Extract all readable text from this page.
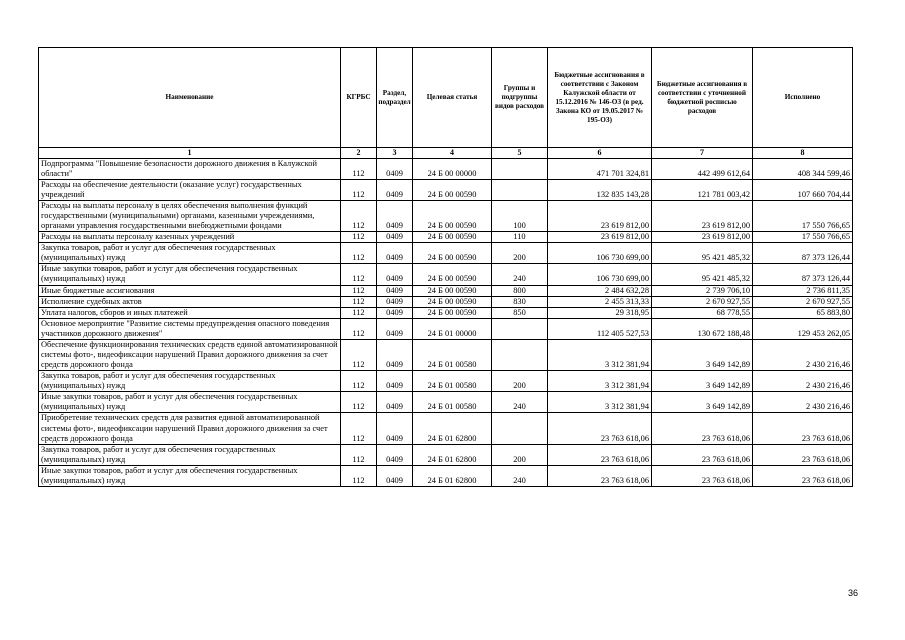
Наименование	КГРБС	Раздел, подраздел	Целевая статья	Группы и подгруппы видов расходов	Бюджетные ассигнования в соответствии с Законом Калужской области от 15.12.2016 № 146-ОЗ (в ред. Закона КО от 19.05.2017 № 195-ОЗ)	Бюджетные ассигнования в соответствии с уточненной бюджетной росписью расходов	Исполнено
1	2	3	4	5	6	7	8
Подпрограмма "Повышение безопасности дорожного движения в Калужской области"	112	0409	24 Б 00 00000		471 701 324,81	442 499 612,64	408 344 599,46
Расходы на обеспечение деятельности (оказание услуг) государственных учреждений	112	0409	24 Б 00 00590		132 835 143,28	121 781 003,42	107 660 704,44
Расходы на выплаты персоналу в целях обеспечения выполнения функций государственными (муниципальными) органами, казенными учреждениями, органами управления государственными внебюджетными фондами	112	0409	24 Б 00 00590	100	23 619 812,00	23 619 812,00	17 550 766,65
Расходы на выплаты персоналу казенных учреждений	112	0409	24 Б 00 00590	110	23 619 812,00	23 619 812,00	17 550 766,65
Закупка товаров, работ и услуг для обеспечения государственных (муниципальных) нужд	112	0409	24 Б 00 00590	200	106 730 699,00	95 421 485,32	87 373 126,44
Иные закупки товаров, работ и услуг для обеспечения государственных (муниципальных) нужд	112	0409	24 Б 00 00590	240	106 730 699,00	95 421 485,32	87 373 126,44
Иные бюджетные ассигнования	112	0409	24 Б 00 00590	800	2 484 632,28	2 739 706,10	2 736 811,35
Исполнение судебных актов	112	0409	24 Б 00 00590	830	2 455 313,33	2 670 927,55	2 670 927,55
Уплата налогов, сборов и иных платежей	112	0409	24 Б 00 00590	850	29 318,95	68 778,55	65 883,80
Основное мероприятие "Развитие системы предупреждения опасного поведения участников дорожного движения"	112	0409	24 Б 01 00000		112 405 527,53	130 672 188,48	129 453 262,05
Обеспечение функционирования технических средств единой автоматизированной системы фото-, видеофиксации нарушений Правил дорожного движения за счет средств дорожного фонда	112	0409	24 Б 01 00580		3 312 381,94	3 649 142,89	2 430 216,46
Закупка товаров, работ и услуг для обеспечения государственных (муниципальных) нужд	112	0409	24 Б 01 00580	200	3 312 381,94	3 649 142,89	2 430 216,46
Иные закупки товаров, работ и услуг для обеспечения государственных (муниципальных) нужд	112	0409	24 Б 01 00580	240	3 312 381,94	3 649 142,89	2 430 216,46
Приобретение технических средств для развития единой автоматизированной системы фото-, видеофиксации нарушений Правил дорожного движения за счет средств дорожного фонда	112	0409	24 Б 01 62800		23 763 618,06	23 763 618,06	23 763 618,06
Закупка товаров, работ и услуг для обеспечения государственных (муниципальных) нужд	112	0409	24 Б 01 62800	200	23 763 618,06	23 763 618,06	23 763 618,06
Иные закупки товаров, работ и услуг для обеспечения государственных (муниципальных) нужд	112	0409	24 Б 01 62800	240	23 763 618,06	23 763 618,06	23 763 618,06
36
